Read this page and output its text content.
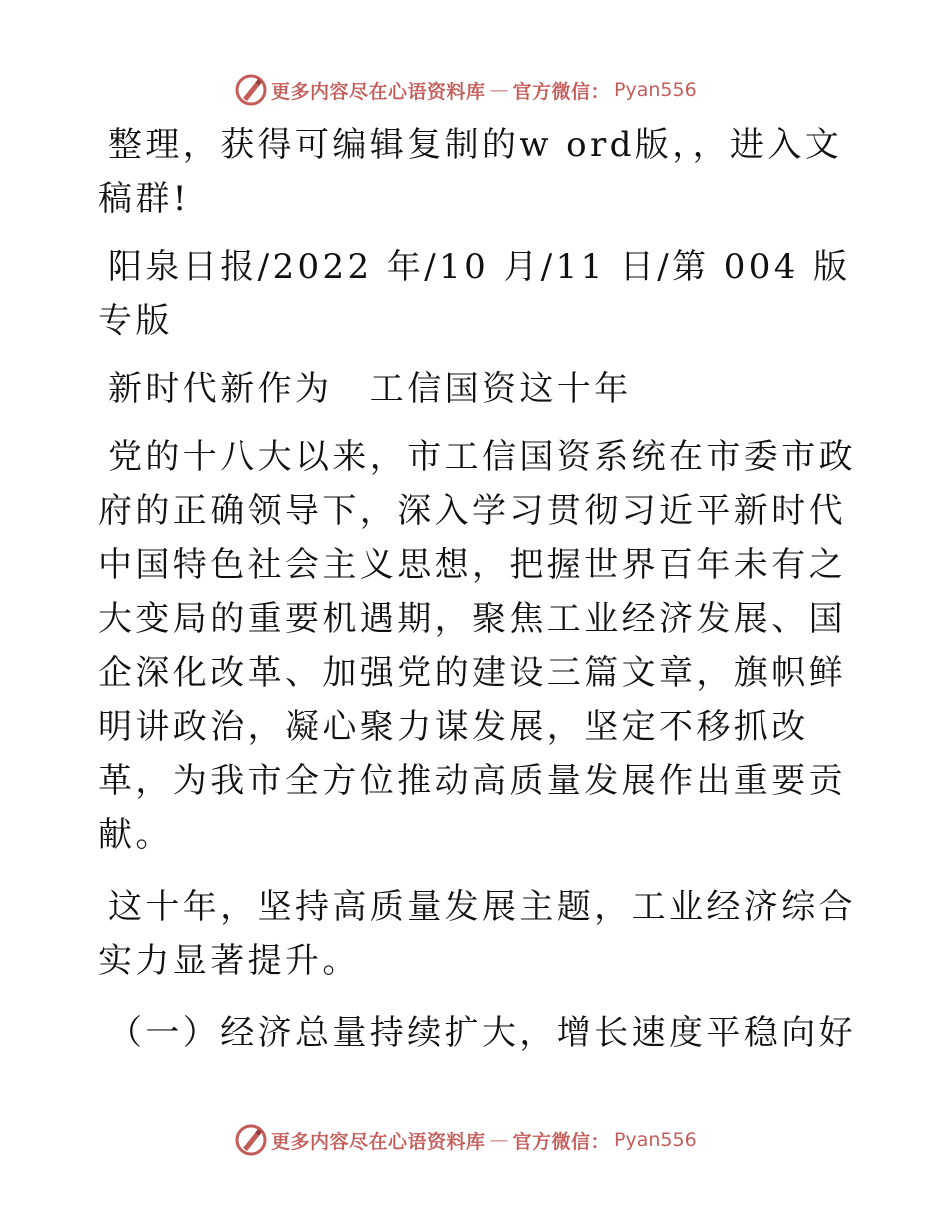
更多内容尽在心语资料库 — 官方微信： Pyan556

整理，获得可编辑复制的w ord版，，进入文稿群!

阳泉日报/2022 年/10 月/11 日/第 004 版专版

新时代新作为　工信国资这十年

党的十八大以来，市工信国资系统在市委市政府的正确领导下，深入学习贯彻习近平新时代中国特色社会主义思想，把握世界百年未有之大变局的重要机遇期，聚焦工业经济发展、国企深化改革、加强党的建设三篇文章，旗帜鲜明讲政治，凝心聚力谋发展，坚定不移抓改革，为我市全方位推动高质量发展作出重要贡献。

这十年，坚持高质量发展主题，工业经济综合实力显著提升。

（一）经济总量持续扩大，增长速度平稳向好

更多内容尽在心语资料库 — 官方微信： Pyan556
